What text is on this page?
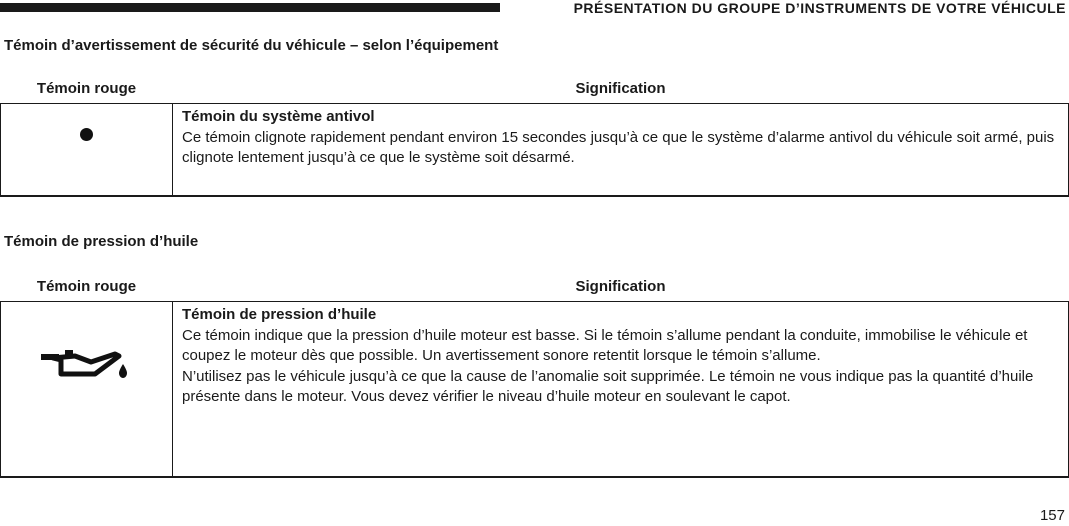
PRÉSENTATION DU GROUPE D’INSTRUMENTS DE VOTRE VÉHICULE
Témoin d’avertissement de sécurité du véhicule – selon l’équipement
Témoin rouge	Signification

	Témoin du système antivol
Ce témoin clignote rapidement pendant environ 15 secondes jusqu’à ce que le système d’alarme antivol du véhicule soit armé, puis clignote lentement jusqu’à ce que le système soit désarmé.
Témoin de pression d’huile
Témoin rouge	Signification

Témoin de pression d’huile
Ce témoin indique que la pression d’huile moteur est basse. Si le témoin s’allume pendant la conduite, immobilise le véhicule et coupez le moteur dès que possible. Un avertissement sonore retentit lorsque le témoin s’allume.
N’utilisez pas le véhicule jusqu’à ce que la cause de l’anomalie soit supprimée. Le témoin ne vous indique pas la quantité d’huile présente dans le moteur. Vous devez vérifier le niveau d’huile moteur en soulevant le capot.
157
